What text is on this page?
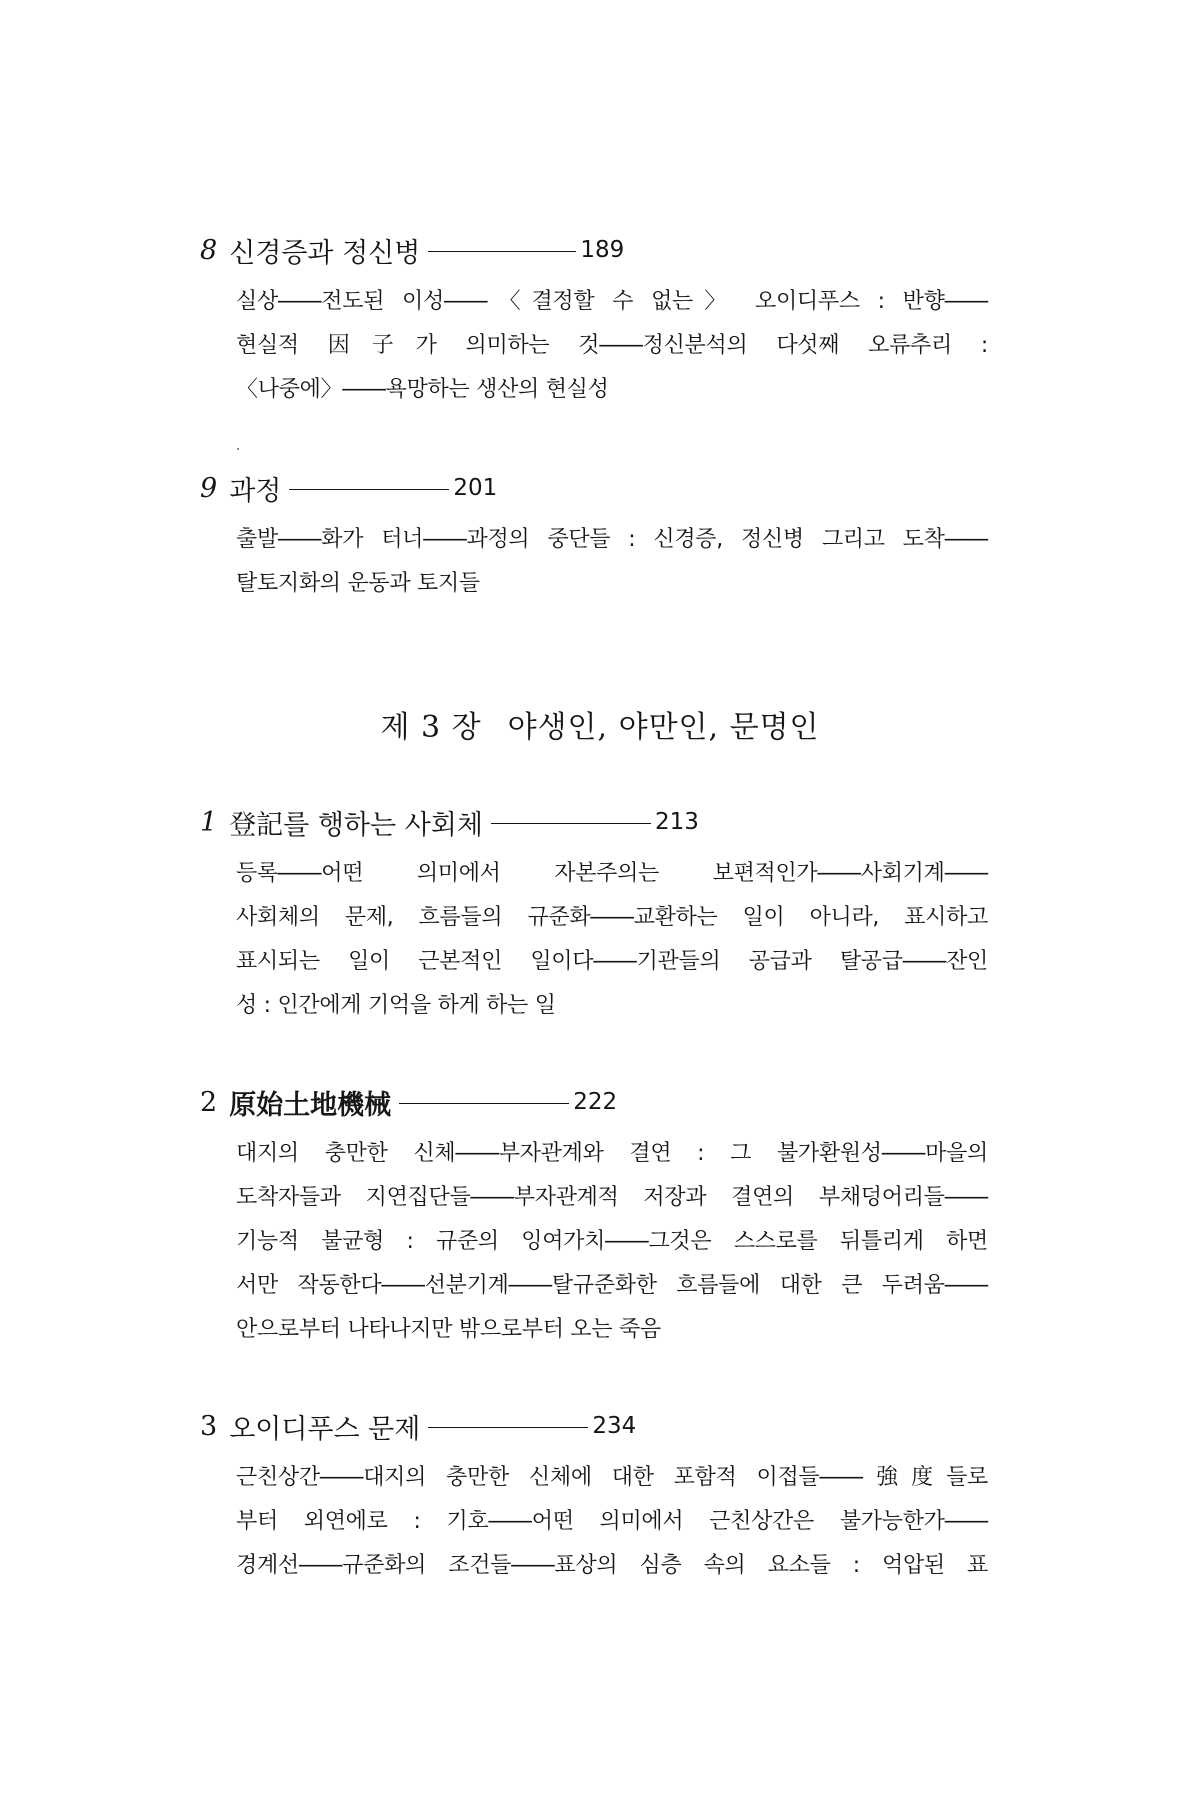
8 신경증과 정신병	189
실상――전도된 이성――〈결정할 수 없는〉 오이디푸스 : 반향――
현실적 因子가 의미하는 것――정신분석의 다섯째 오류추리 :
〈나중에〉――욕망하는 생산의 현실성
9 과정	201
출발――화가 터너――과정의 중단들 : 신경증, 정신병 그리고 도착――
탈토지화의 운동과 토지들
제 3 장 야생인, 야만인, 문명인
1 登記를 행하는 사회체	213
등록――어떤 의미에서 자본주의는 보편적인가――사회기계――
사회체의 문제, 흐름들의 규준화――교환하는 일이 아니라, 표시하고
표시되는 일이 근본적인 일이다――기관들의 공급과 탈공급――잔인
성 : 인간에게 기억을 하게 하는 일
2 原始土地機械	222
대지의 충만한 신체――부자관계와 결연 : 그 불가환원성――마을의
도착자들과 지연집단들――부자관계적 저장과 결연의 부채덩어리들――
기능적 불균형 : 규준의 잉여가치――그것은 스스로를 뒤틀리게 하면
서만 작동한다――선분기계――탈규준화한 흐름들에 대한 큰 두려움――
안으로부터 나타나지만 밖으로부터 오는 죽음
3 오이디푸스 문제	234
근친상간――대지의 충만한 신체에 대한 포함적 이접들――強度들로
부터 외연에로 : 기호――어떤 의미에서 근친상간은 불가능한가――
경계선――규준화의 조건들――표상의 심층 속의 요소들 : 억압된 표
